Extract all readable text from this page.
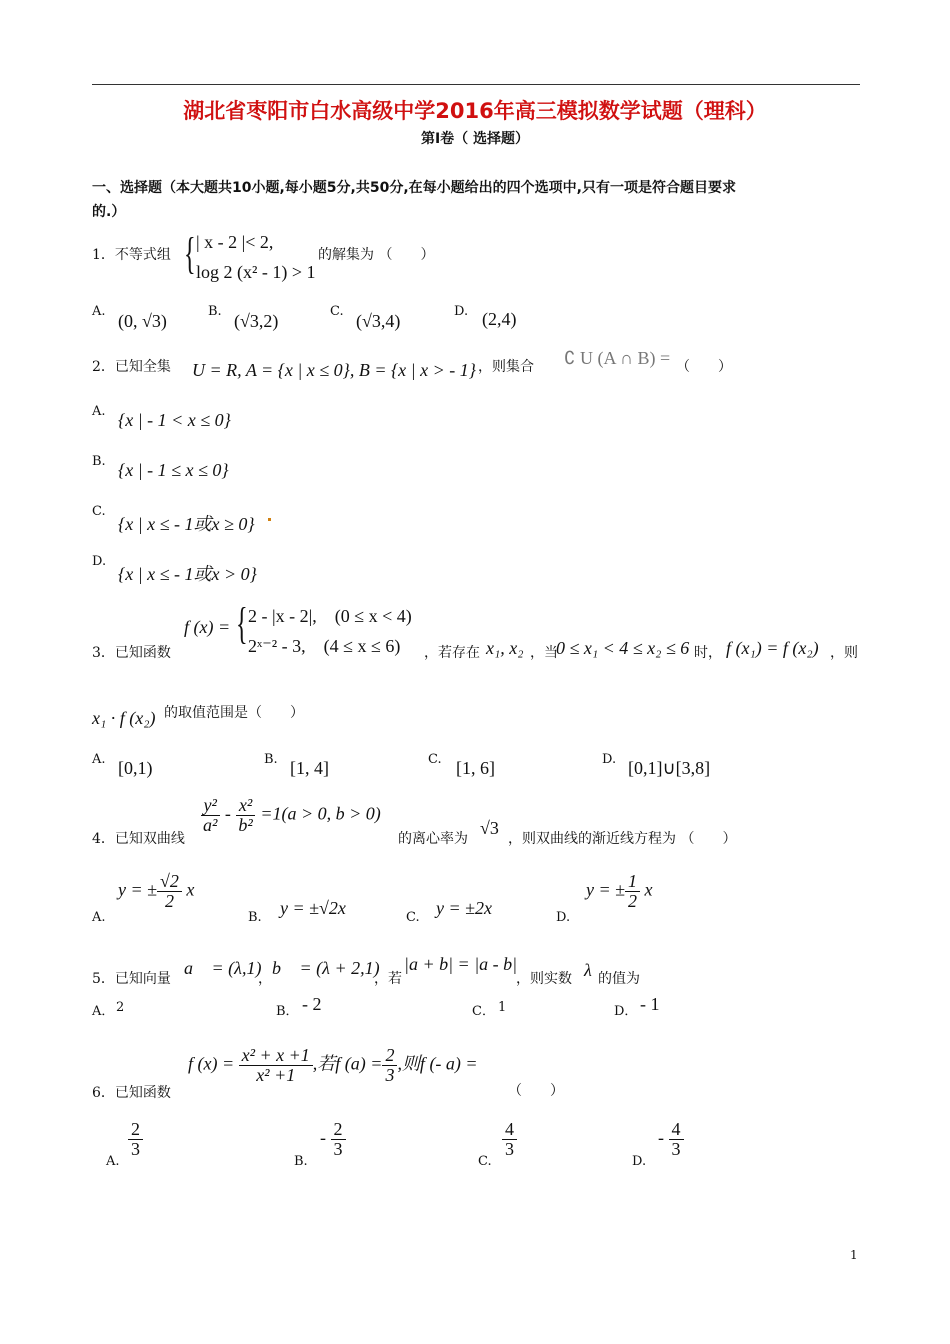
湖北省枣阳市白水高级中学2016年高三模拟数学试题（理科）
第Ⅰ卷（ 选择题）
一、选择题（本大题共10小题,每小题5分,共50分,在每小题给出的四个选项中,只有一项是符合题目要求
的.）
1．不等式组 { | x - 2 |< 2,
log 2 (x² - 1) > 1
的解集为 （　　）
A. (0, √3)	B. (√3,2)	C. (√3,4)	D. (2,4)
2．已知全集 U = R, A = {x | x ≤ 0}, B = {x | x > - 1} ，则集合 ∁ U (A ∩ B) = （　　）
A. {x | - 1 < x ≤ 0}
B. {x | - 1 ≤ x ≤ 0}
C.
{x | x ≤ - 1或x ≥ 0}
D.
{x | x ≤ - 1或x > 0}
f (x) = { 2 - |x - 2|,　(0 ≤ x < 4)
2ˣ⁻² - 3,　(4 ≤ x ≤ 6)
3．已知函数	，若存在 x₁, x₂ ，当
0 ≤ x₁ < 4 ≤ x₂ ≤ 6 时， f (x₁) = f (x₂) ，则
x₁ · f (x₂) 的取值范围是（　　）
A. [0,1)	B. [1, 4]	C. [1, 6]	D. [0,1]∪[3,8]
4．已知双曲线
$\frac{\text{y²}}{\text{a²}} - \frac{\text{x²}}{\text{b²}} =1(a > 0$, b > 0)
的离心率为
√3
，则双曲线的渐近线方程为 （　　）
A.
y = ± $\frac{√2}{2}$ x
B. y = ±√2x	C. y = ±2x	D.
y = ± $\frac{1}{2}$ x
5．已知向量
a⃗ = (λ,1)
，
b⃗ = (λ + 2,1)
，若
|a + b| = |a - b|
，则实数 λ 的值为
A． 2	B． - 2	C． 1	D． - 1
6．已知函数
f $(x) = \frac{\text{x² + x +1}}{\text{x² +1}}$ ,若f $(a) = \frac{2}{3}$ ,则f (- a) =
（　　）
A.
$\frac{2}{3}$
B.
- $\frac{2}{3}$
C.
$\frac{4}{3}$
D.
- $\frac{4}{3}$
1
